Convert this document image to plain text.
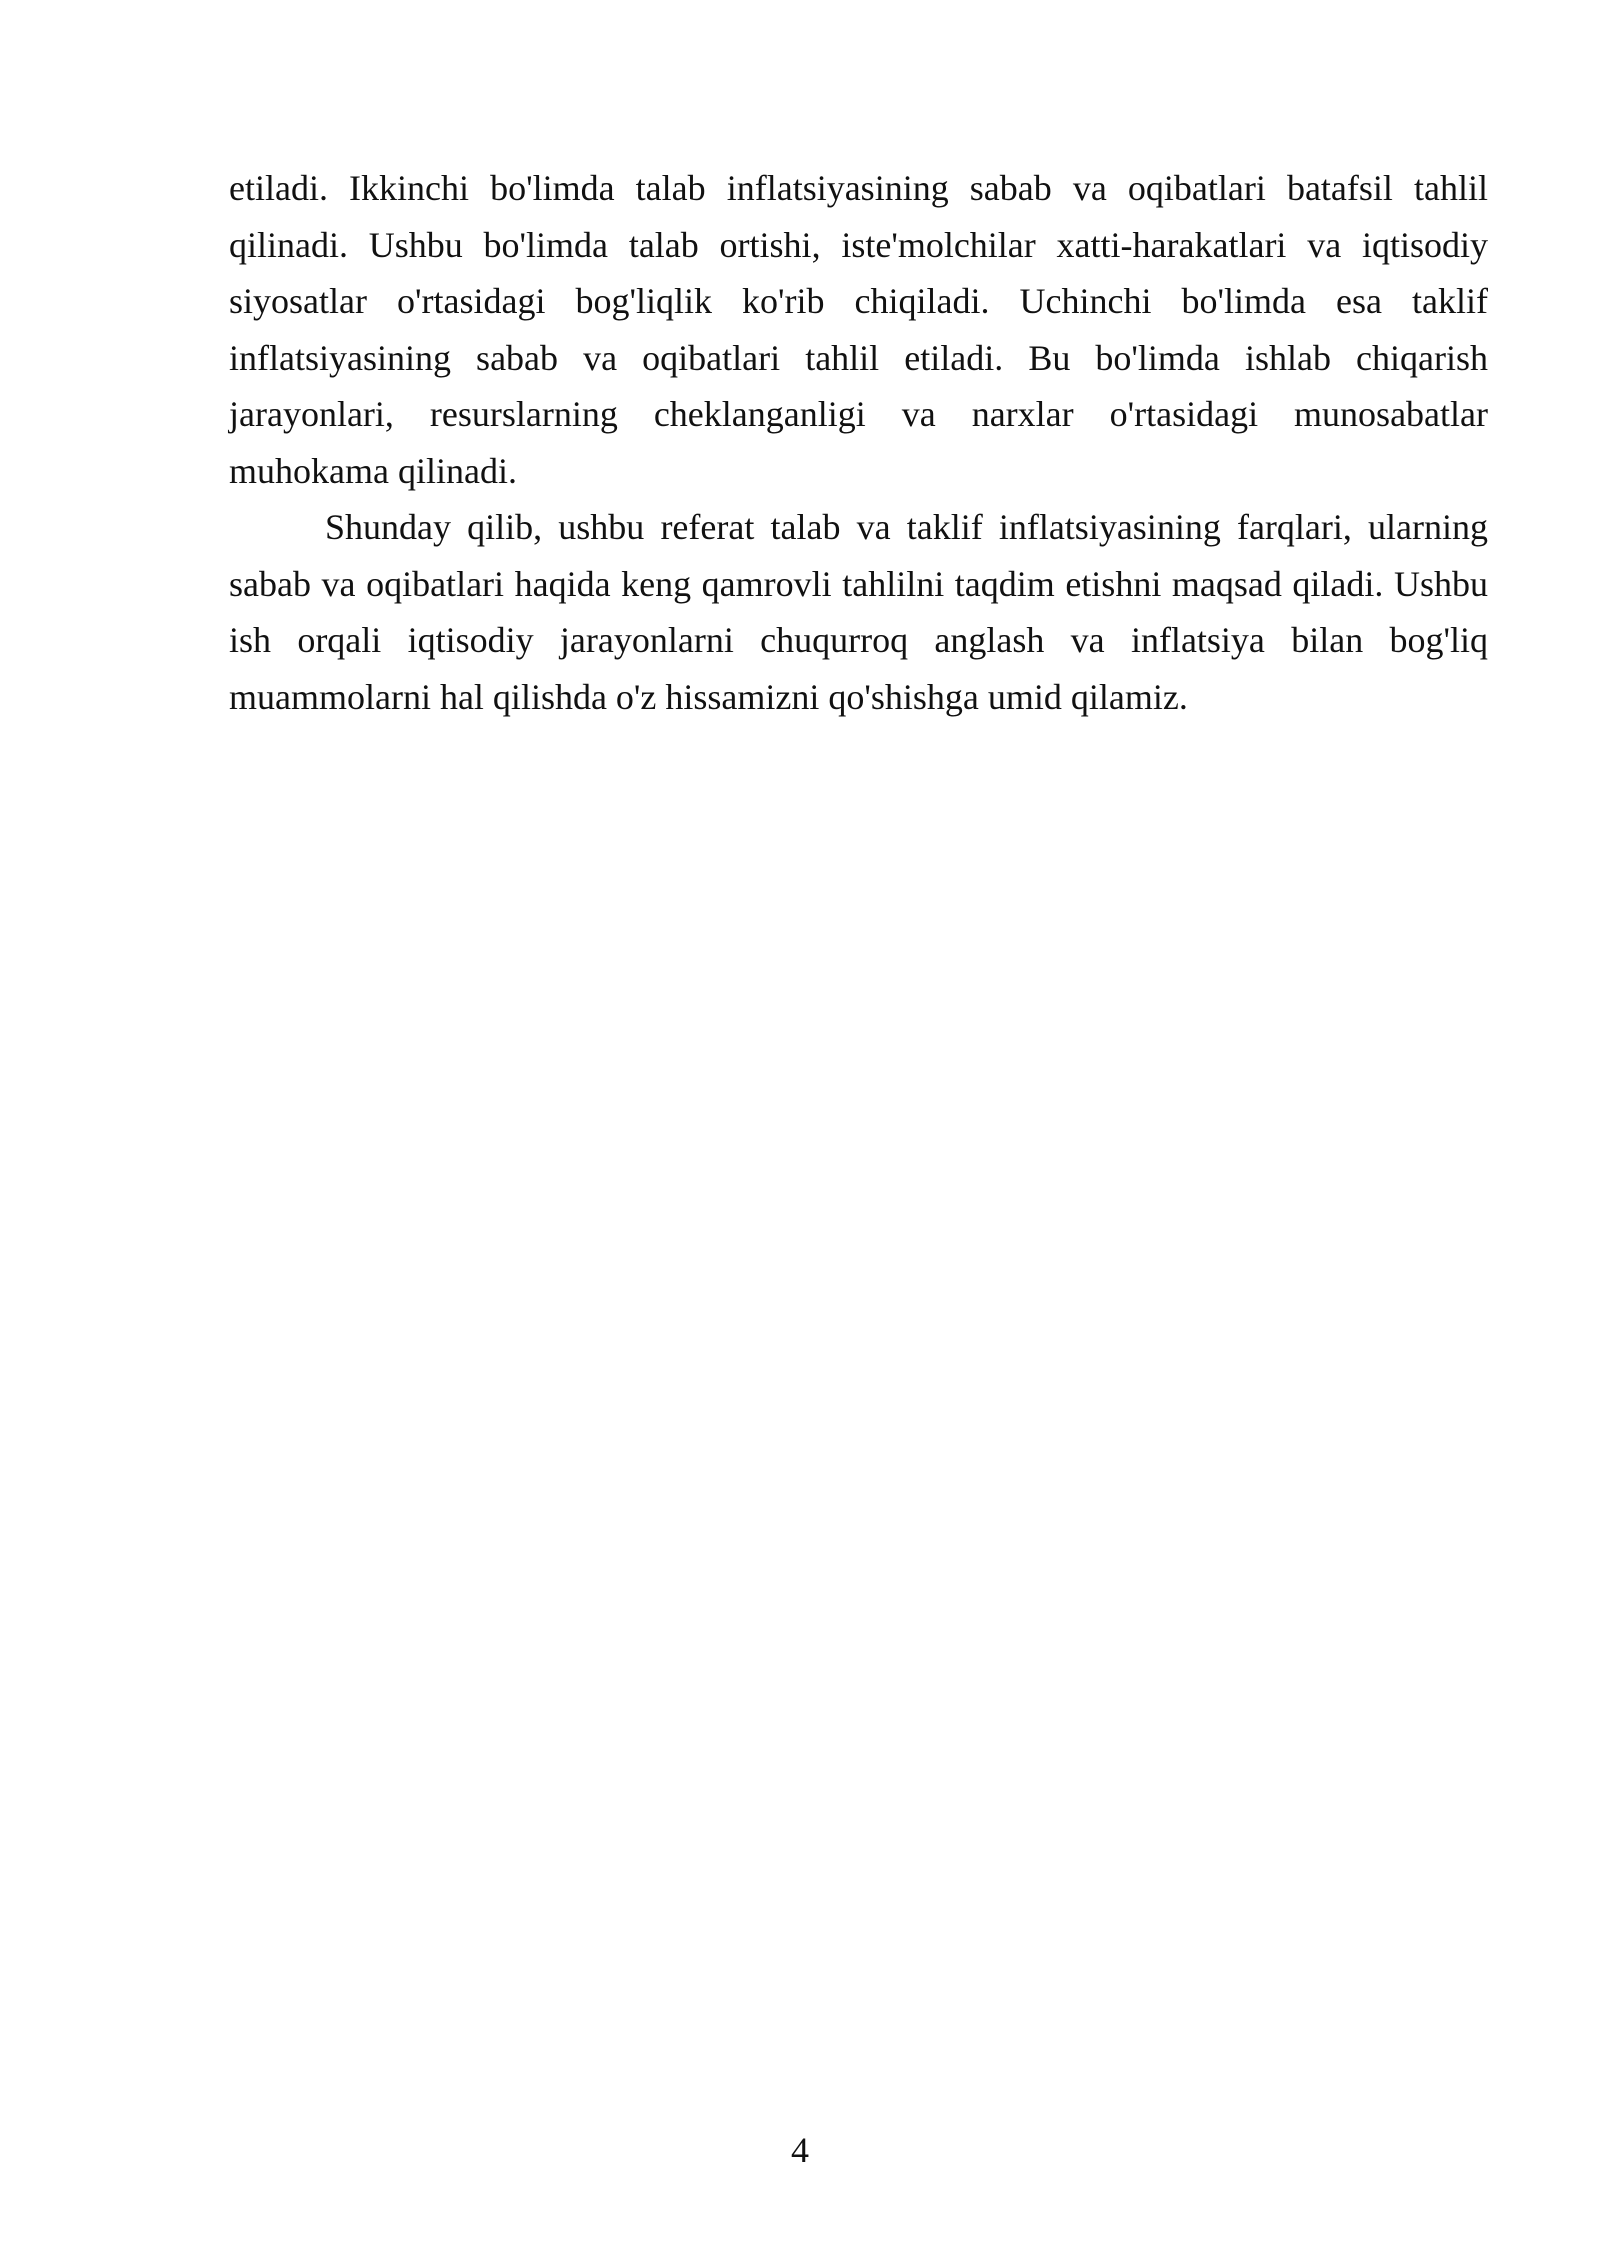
etiladi. Ikkinchi bo'limda talab inflatsiyasining sabab va oqibatlari batafsil tahlil qilinadi. Ushbu bo'limda talab ortishi, iste'molchilar xatti-harakatlari va iqtisodiy siyosatlar o'rtasidagi bog'liqlik ko'rib chiqiladi. Uchinchi bo'limda esa taklif inflatsiyasining sabab va oqibatlari tahlil etiladi. Bu bo'limda ishlab chiqarish jarayonlari, resurslarning cheklanganligi va narxlar o'rtasidagi munosabatlar muhokama qilinadi.

Shunday qilib, ushbu referat talab va taklif inflatsiyasining farqlari, ularning sabab va oqibatlari haqida keng qamrovli tahlilni taqdim etishni maqsad qiladi. Ushbu ish orqali iqtisodiy jarayonlarni chuqurroq anglash va inflatsiya bilan bog'liq muammolarni hal qilishda o'z hissamizni qo'shishga umid qilamiz.

4
